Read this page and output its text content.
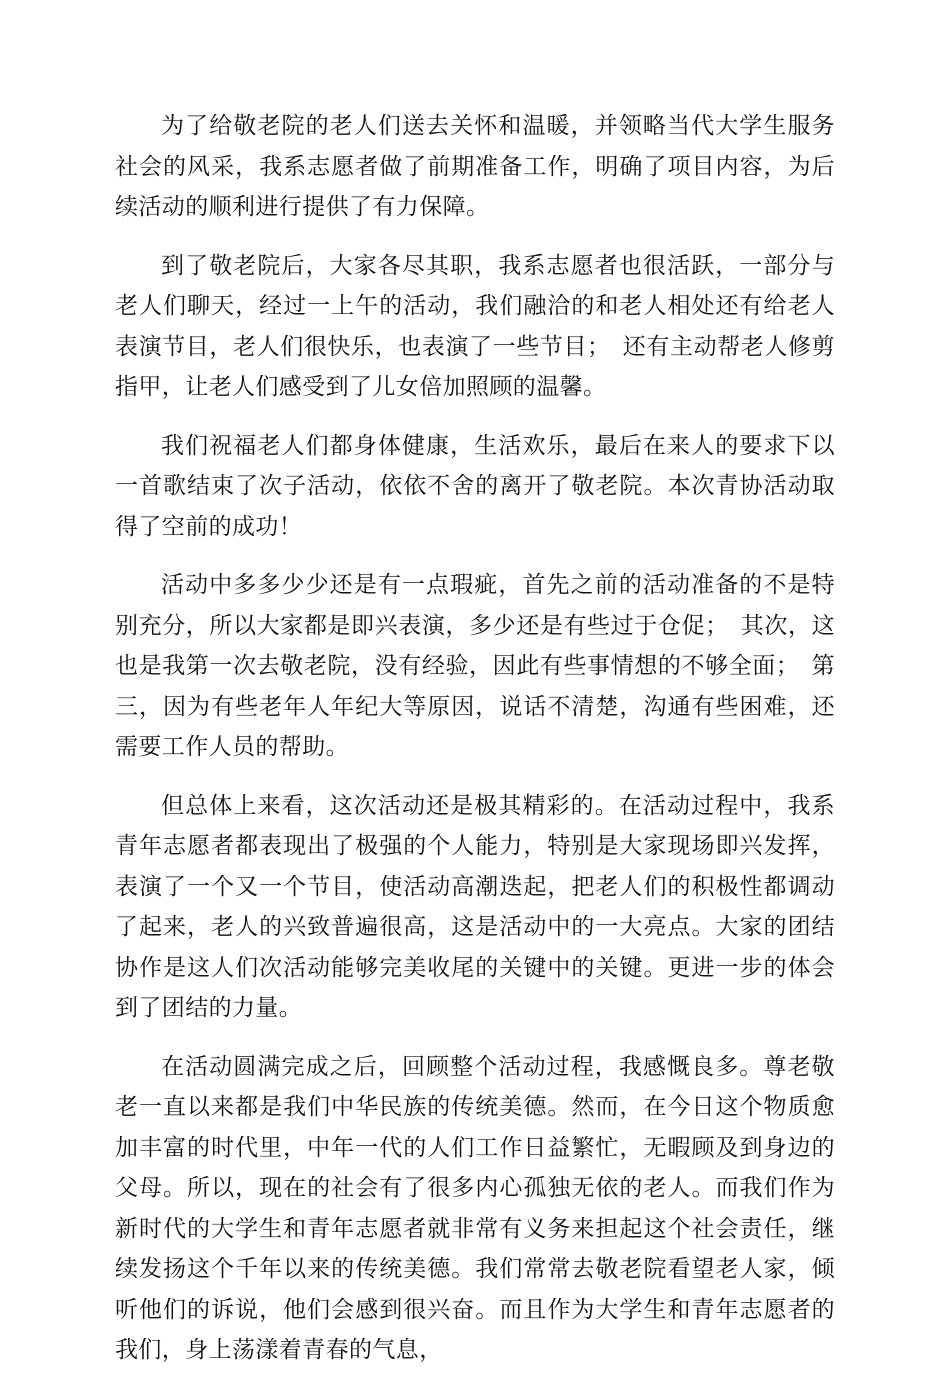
为了给敬老院的老人们送去关怀和温暖，并领略当代大学生服务社会的风采，我系志愿者做了前期准备工作，明确了项目内容，为后续活动的顺利进行提供了有力保障。

到了敬老院后，大家各尽其职，我系志愿者也很活跃，一部分与老人们聊天，经过一上午的活动，我们融洽的和老人相处还有给老人表演节目，老人们很快乐，也表演了一些节目；　还有主动帮老人修剪指甲，让老人们感受到了儿女倍加照顾的温馨。

我们祝福老人们都身体健康，生活欢乐，最后在来人的要求下以一首歌结束了次子活动，依依不舍的离开了敬老院。本次青协活动取得了空前的成功！

活动中多多少少还是有一点瑕疵，首先之前的活动准备的不是特别充分，所以大家都是即兴表演，多少还是有些过于仓促；　其次，这也是我第一次去敬老院，没有经验，因此有些事情想的不够全面；　第三，因为有些老年人年纪大等原因，说话不清楚，沟通有些困难，还需要工作人员的帮助。

但总体上来看，这次活动还是极其精彩的。在活动过程中，我系青年志愿者都表现出了极强的个人能力，特别是大家现场即兴发挥，表演了一个又一个节目，使活动高潮迭起，把老人们的积极性都调动了起来，老人的兴致普遍很高，这是活动中的一大亮点。大家的团结协作是这人们次活动能够完美收尾的关键中的关键。更进一步的体会到了团结的力量。

在活动圆满完成之后，回顾整个活动过程，我感慨良多。尊老敬老一直以来都是我们中华民族的传统美德。然而，在今日这个物质愈加丰富的时代里，中年一代的人们工作日益繁忙，无暇顾及到身边的父母。所以，现在的社会有了很多内心孤独无依的老人。而我们作为新时代的大学生和青年志愿者就非常有义务来担起这个社会责任，继续发扬这个千年以来的传统美德。我们常常去敬老院看望老人家，倾听他们的诉说，他们会感到很兴奋。而且作为大学生和青年志愿者的我们，身上荡漾着青春的气息，
